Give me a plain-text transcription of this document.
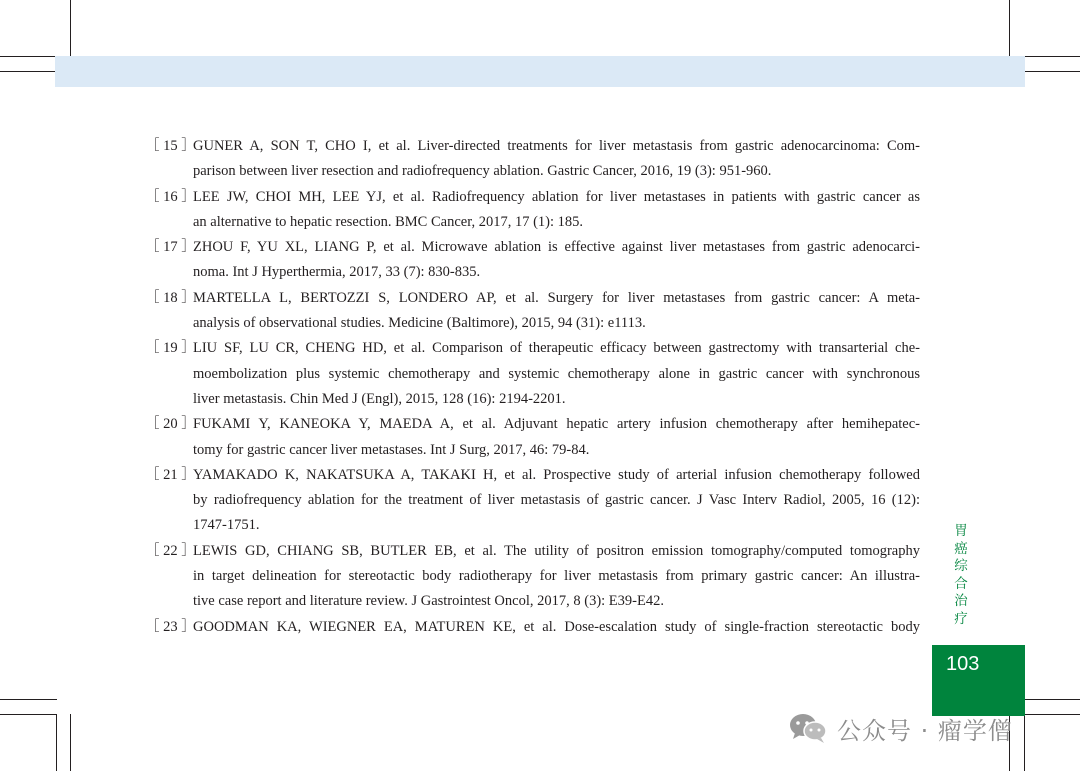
［ 15 ］
GUNER A, SON T, CHO I, et al. Liver-directed treatments for liver metastasis from gastric adenocarcinoma: Com-
parison between liver resection and radiofrequency ablation. Gastric Cancer, 2016, 19 (3): 951-960.
［ 16 ］
LEE JW, CHOI MH, LEE YJ, et al. Radiofrequency ablation for liver metastases in patients with gastric cancer as
an alternative to hepatic resection. BMC Cancer, 2017, 17 (1): 185.
［ 17 ］
ZHOU F, YU XL, LIANG P, et al. Microwave ablation is effective against liver metastases from gastric adenocarci-
noma. Int J Hyperthermia, 2017, 33 (7): 830-835.
［ 18 ］
MARTELLA L, BERTOZZI S, LONDERO AP, et al. Surgery for liver metastases from gastric cancer: A meta-
analysis of observational studies. Medicine (Baltimore), 2015, 94 (31): e1113.
［ 19 ］
LIU SF, LU CR, CHENG HD, et al. Comparison of therapeutic efficacy between gastrectomy with transarterial che-
moembolization plus systemic chemotherapy and systemic chemotherapy alone in gastric cancer with synchronous
liver metastasis. Chin Med J (Engl), 2015, 128 (16): 2194-2201.
［ 20 ］
FUKAMI Y, KANEOKA Y, MAEDA A, et al. Adjuvant hepatic artery infusion chemotherapy after hemihepatec-
tomy for gastric cancer liver metastases. Int J Surg, 2017, 46: 79-84.
［ 21 ］
YAMAKADO K, NAKATSUKA A, TAKAKI H, et al. Prospective study of arterial infusion chemotherapy followed
by radiofrequency ablation for the treatment of liver metastasis of gastric cancer. J Vasc Interv Radiol, 2005, 16 (12):
1747-1751.
［ 22 ］
LEWIS GD, CHIANG SB, BUTLER EB, et al. The utility of positron emission tomography/computed tomography
in target delineation for stereotactic body radiotherapy for liver metastasis from primary gastric cancer: An illustra-
tive case report and literature review. J Gastrointest Oncol, 2017, 8 (3): E39-E42.
［ 23 ］
GOODMAN KA, WIEGNER EA, MATUREN KE, et al. Dose-escalation study of single-fraction stereotactic body
胃癌综合治疗
103
公众号 · 瘤学僧
